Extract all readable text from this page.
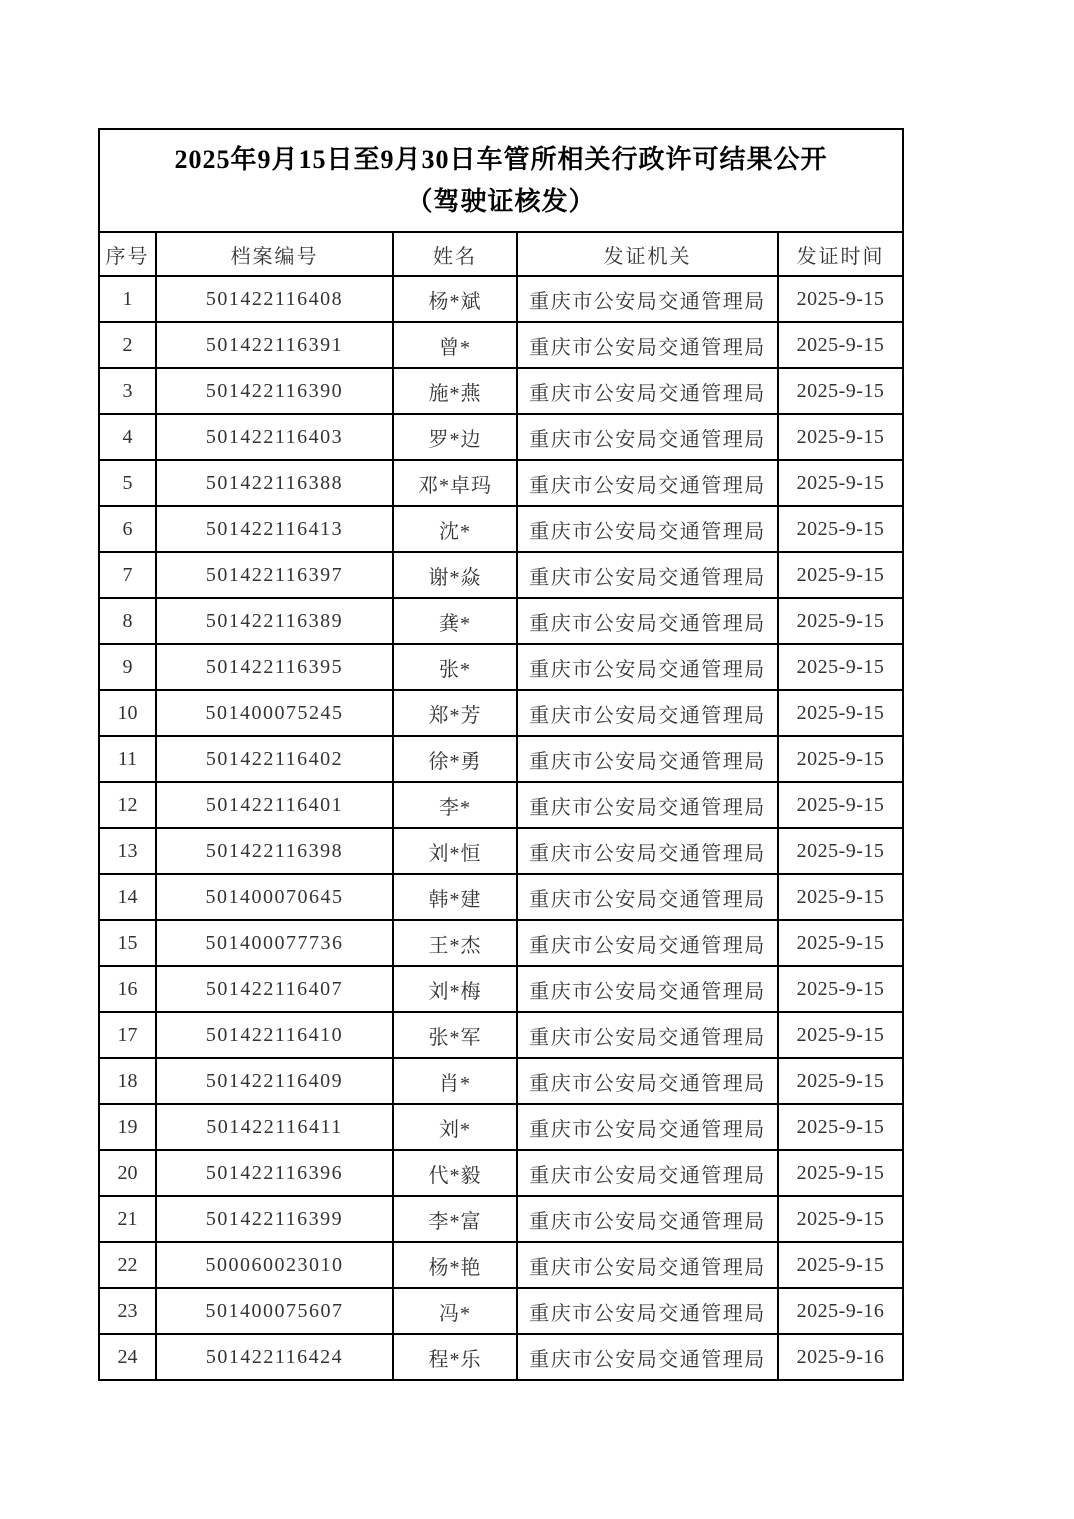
2025年9月15日至9月30日车管所相关行政许可结果公开
（驾驶证核发）				

序号	档案编号	姓名	发证机关	发证时间
1	501422116408	杨*斌	重庆市公安局交通管理局	2025-9-15
2	501422116391	曾*	重庆市公安局交通管理局	2025-9-15
3	501422116390	施*燕	重庆市公安局交通管理局	2025-9-15
4	501422116403	罗*边	重庆市公安局交通管理局	2025-9-15
5	501422116388	邓*卓玛	重庆市公安局交通管理局	2025-9-15
6	501422116413	沈*	重庆市公安局交通管理局	2025-9-15
7	501422116397	谢*焱	重庆市公安局交通管理局	2025-9-15
8	501422116389	龚*	重庆市公安局交通管理局	2025-9-15
9	501422116395	张*	重庆市公安局交通管理局	2025-9-15
10	501400075245	郑*芳	重庆市公安局交通管理局	2025-9-15
11	501422116402	徐*勇	重庆市公安局交通管理局	2025-9-15
12	501422116401	李*	重庆市公安局交通管理局	2025-9-15
13	501422116398	刘*恒	重庆市公安局交通管理局	2025-9-15
14	501400070645	韩*建	重庆市公安局交通管理局	2025-9-15
15	501400077736	王*杰	重庆市公安局交通管理局	2025-9-15
16	501422116407	刘*梅	重庆市公安局交通管理局	2025-9-15
17	501422116410	张*军	重庆市公安局交通管理局	2025-9-15
18	501422116409	肖*	重庆市公安局交通管理局	2025-9-15
19	501422116411	刘*	重庆市公安局交通管理局	2025-9-15
20	501422116396	代*毅	重庆市公安局交通管理局	2025-9-15
21	501422116399	李*富	重庆市公安局交通管理局	2025-9-15
22	500060023010	杨*艳	重庆市公安局交通管理局	2025-9-15
23	501400075607	冯*	重庆市公安局交通管理局	2025-9-16
24	501422116424	程*乐	重庆市公安局交通管理局	2025-9-16
